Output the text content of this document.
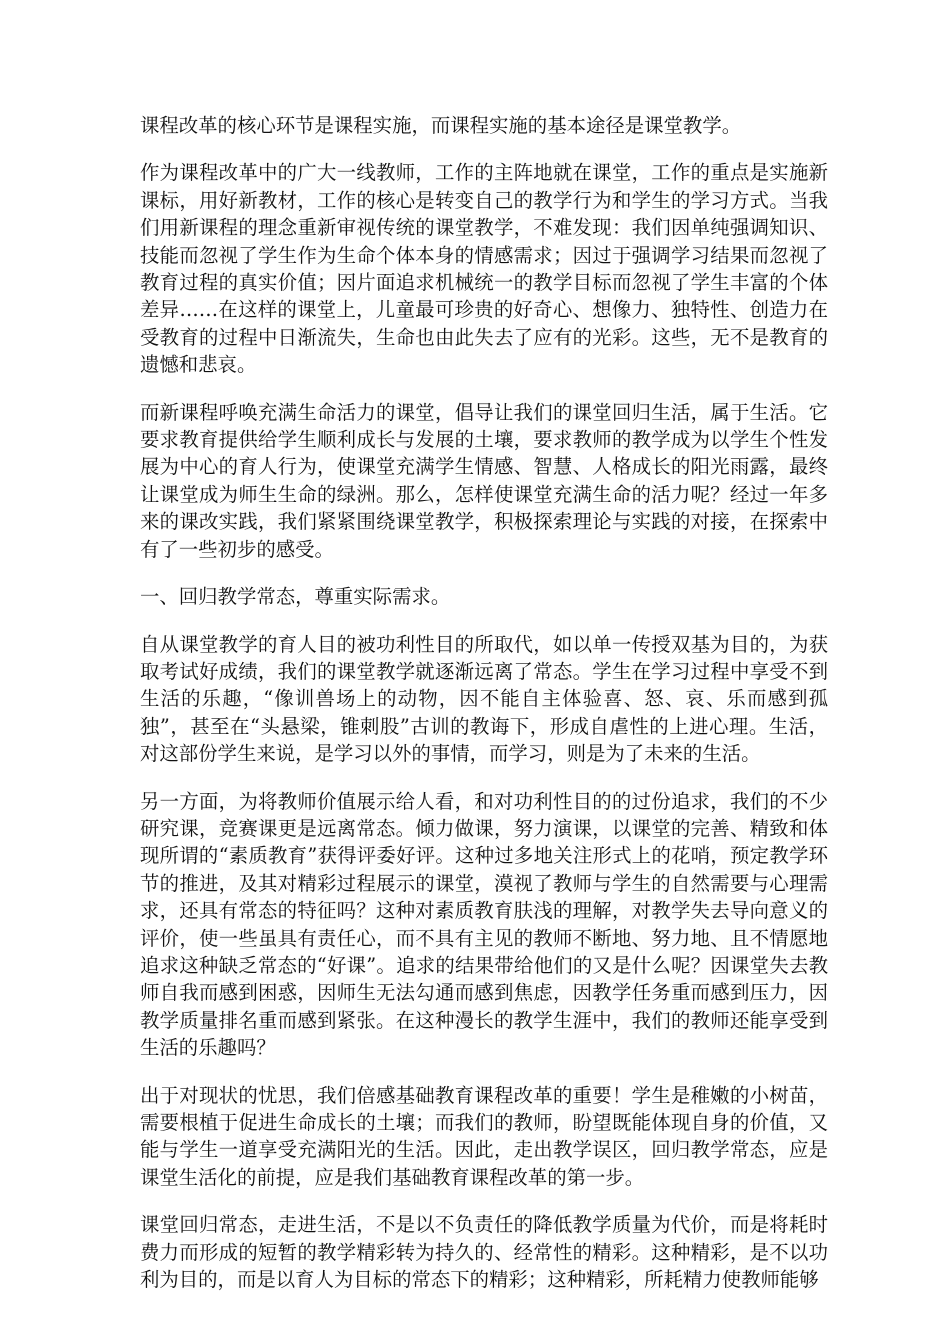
课程改革的核心环节是课程实施，而课程实施的基本途径是课堂教学。

作为课程改革中的广大一线教师，工作的主阵地就在课堂，工作的重点是实施新课标，用好新教材，工作的核心是转变自己的教学行为和学生的学习方式。当我们用新课程的理念重新审视传统的课堂教学，不难发现：我们因单纯强调知识、技能而忽视了学生作为生命个体本身的情感需求；因过于强调学习结果而忽视了教育过程的真实价值；因片面追求机械统一的教学目标而忽视了学生丰富的个体差异……在这样的课堂上，儿童最可珍贵的好奇心、想像力、独特性、创造力在受教育的过程中日渐流失，生命也由此失去了应有的光彩。这些，无不是教育的遗憾和悲哀。

而新课程呼唤充满生命活力的课堂，倡导让我们的课堂回归生活，属于生活。它要求教育提供给学生顺利成长与发展的土壤，要求教师的教学成为以学生个性发展为中心的育人行为，使课堂充满学生情感、智慧、人格成长的阳光雨露，最终让课堂成为师生生命的绿洲。那么，怎样使课堂充满生命的活力呢？经过一年多来的课改实践，我们紧紧围绕课堂教学，积极探索理论与实践的对接，在探索中有了一些初步的感受。

一、回归教学常态，尊重实际需求。

自从课堂教学的育人目的被功利性目的所取代，如以单一传授双基为目的，为获取考试好成绩，我们的课堂教学就逐渐远离了常态。学生在学习过程中享受不到生活的乐趣，“像训兽场上的动物，因不能自主体验喜、怒、哀、乐而感到孤独”，甚至在“头悬梁，锥刺股”古训的教诲下，形成自虐性的上进心理。生活，对这部份学生来说，是学习以外的事情，而学习，则是为了未来的生活。

另一方面，为将教师价值展示给人看，和对功利性目的的过份追求，我们的不少研究课，竞赛课更是远离常态。倾力做课，努力演课，以课堂的完善、精致和体现所谓的“素质教育”获得评委好评。这种过多地关注形式上的花哨，预定教学环节的推进，及其对精彩过程展示的课堂，漠视了教师与学生的自然需要与心理需求，还具有常态的特征吗？这种对素质教育肤浅的理解，对教学失去导向意义的评价，使一些虽具有责任心，而不具有主见的教师不断地、努力地、且不情愿地追求这种缺乏常态的“好课”。追求的结果带给他们的又是什么呢？因课堂失去教师自我而感到困惑，因师生无法勾通而感到焦虑，因教学任务重而感到压力，因教学质量排名重而感到紧张。在这种漫长的教学生涯中，我们的教师还能享受到生活的乐趣吗？

出于对现状的忧思，我们倍感基础教育课程改革的重要！学生是稚嫩的小树苗，需要根植于促进生命成长的土壤；而我们的教师，盼望既能体现自身的价值，又能与学生一道享受充满阳光的生活。因此，走出教学误区，回归教学常态，应是课堂生活化的前提，应是我们基础教育课程改革的第一步。

课堂回归常态，走进生活，不是以不负责任的降低教学质量为代价，而是将耗时费力而形成的短暂的教学精彩转为持久的、经常性的精彩。这种精彩，是不以功利为目的，而是以育人为目标的常态下的精彩；这种精彩，所耗精力使教师能够
